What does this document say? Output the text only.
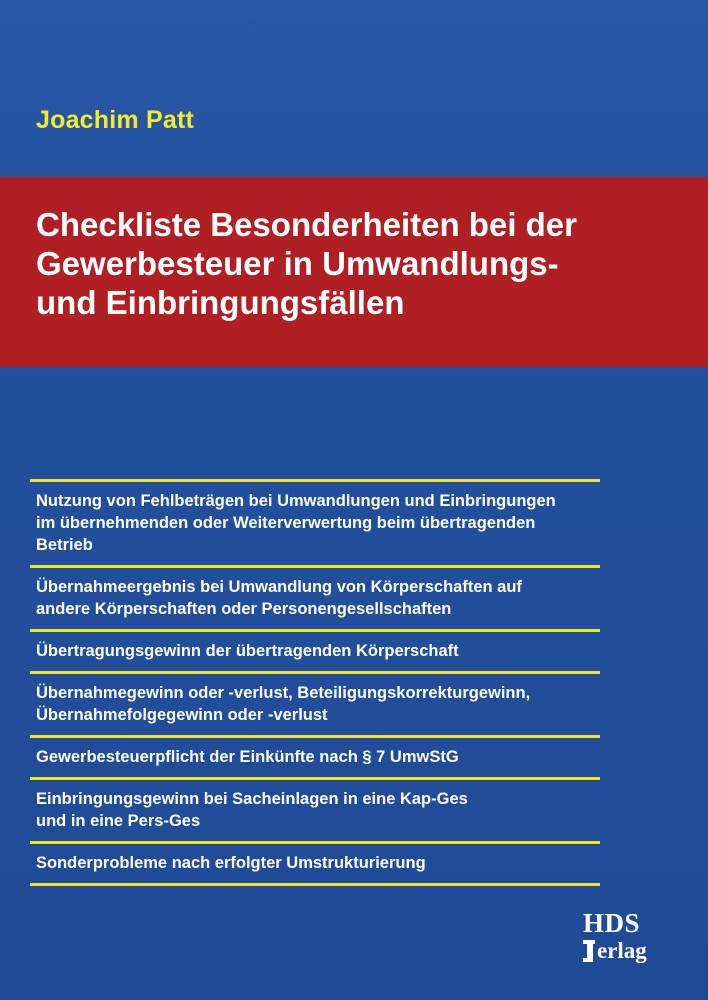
Joachim Patt
Checkliste Besonderheiten bei der
Gewerbesteuer in Umwandlungs-
und Einbringungsfällen
Nutzung von Fehlbeträgen bei Umwandlungen und Einbringungen
im übernehmenden oder Weiterverwertung beim übertragenden
Betrieb
Übernahmeergebnis bei Umwandlung von Körperschaften auf
andere Körperschaften oder Personengesellschaften
Übertragungsgewinn der übertragenden Körperschaft
Übernahmegewinn oder -verlust, Beteiligungskorrekturgewinn,
Übernahmefolgegewinn oder -verlust
Gewerbesteuerpflicht der Einkünfte nach § 7 UmwStG
Einbringungsgewinn bei Sacheinlagen in eine Kap-Ges
und in eine Pers-Ges
Sonderprobleme nach erfolgter Umstrukturierung
HDS
erlag
